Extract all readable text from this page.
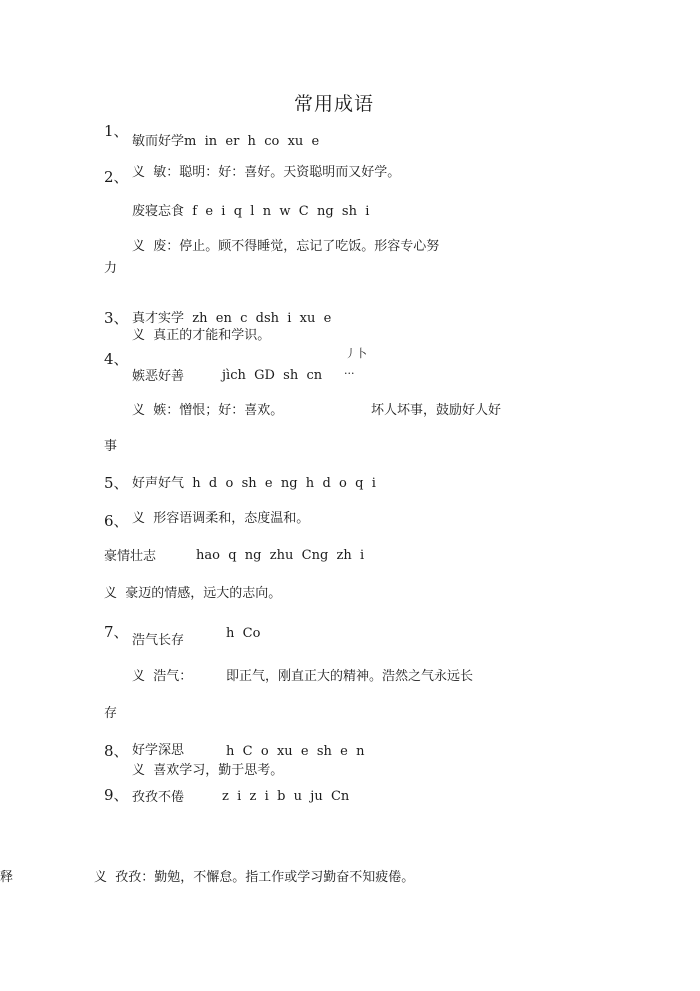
常用成语
1、
敏而好学m  in  er  h  co  xu  e
2、 义  敏：聪明：好：喜好。天资聪明而又好学。
废寝忘食  f  e  i  q  l  n  w  C  ng  sh  i
义  废：停止。顾不得睡觉，忘记了吃饭。形容专心努
力
3、 真才实学  zh  en  c  dsh  i  xu  e
义  真正的才能和学识。
丿卜
4、
嫉恶好善	jìch  GD  sh  cn ···
义  嫉：憎恨；好：喜欢。	坏人坏事，鼓励好人好
事
5、 好声好气  h  d  o  sh  e  ng  h  d  o  q  i
6、 义  形容语调柔和，态度温和。
豪情壮志	hao  q  ng  zhu  Cng  zh  i
义  豪迈的情感，远大的志向。
7、 浩气长存	h  Co
义  浩气：	即正气，刚直正大的精神。浩然之气永远长
存
8、 好学深思	h  C  o  xu  e  sh  e  n
义  喜欢学习，勤于思考。
9、 孜孜不倦	z  i  z  i  b  u  ju  Cn
释	义  孜孜：勤勉，不懈怠。指工作或学习勤奋不知疲倦。
